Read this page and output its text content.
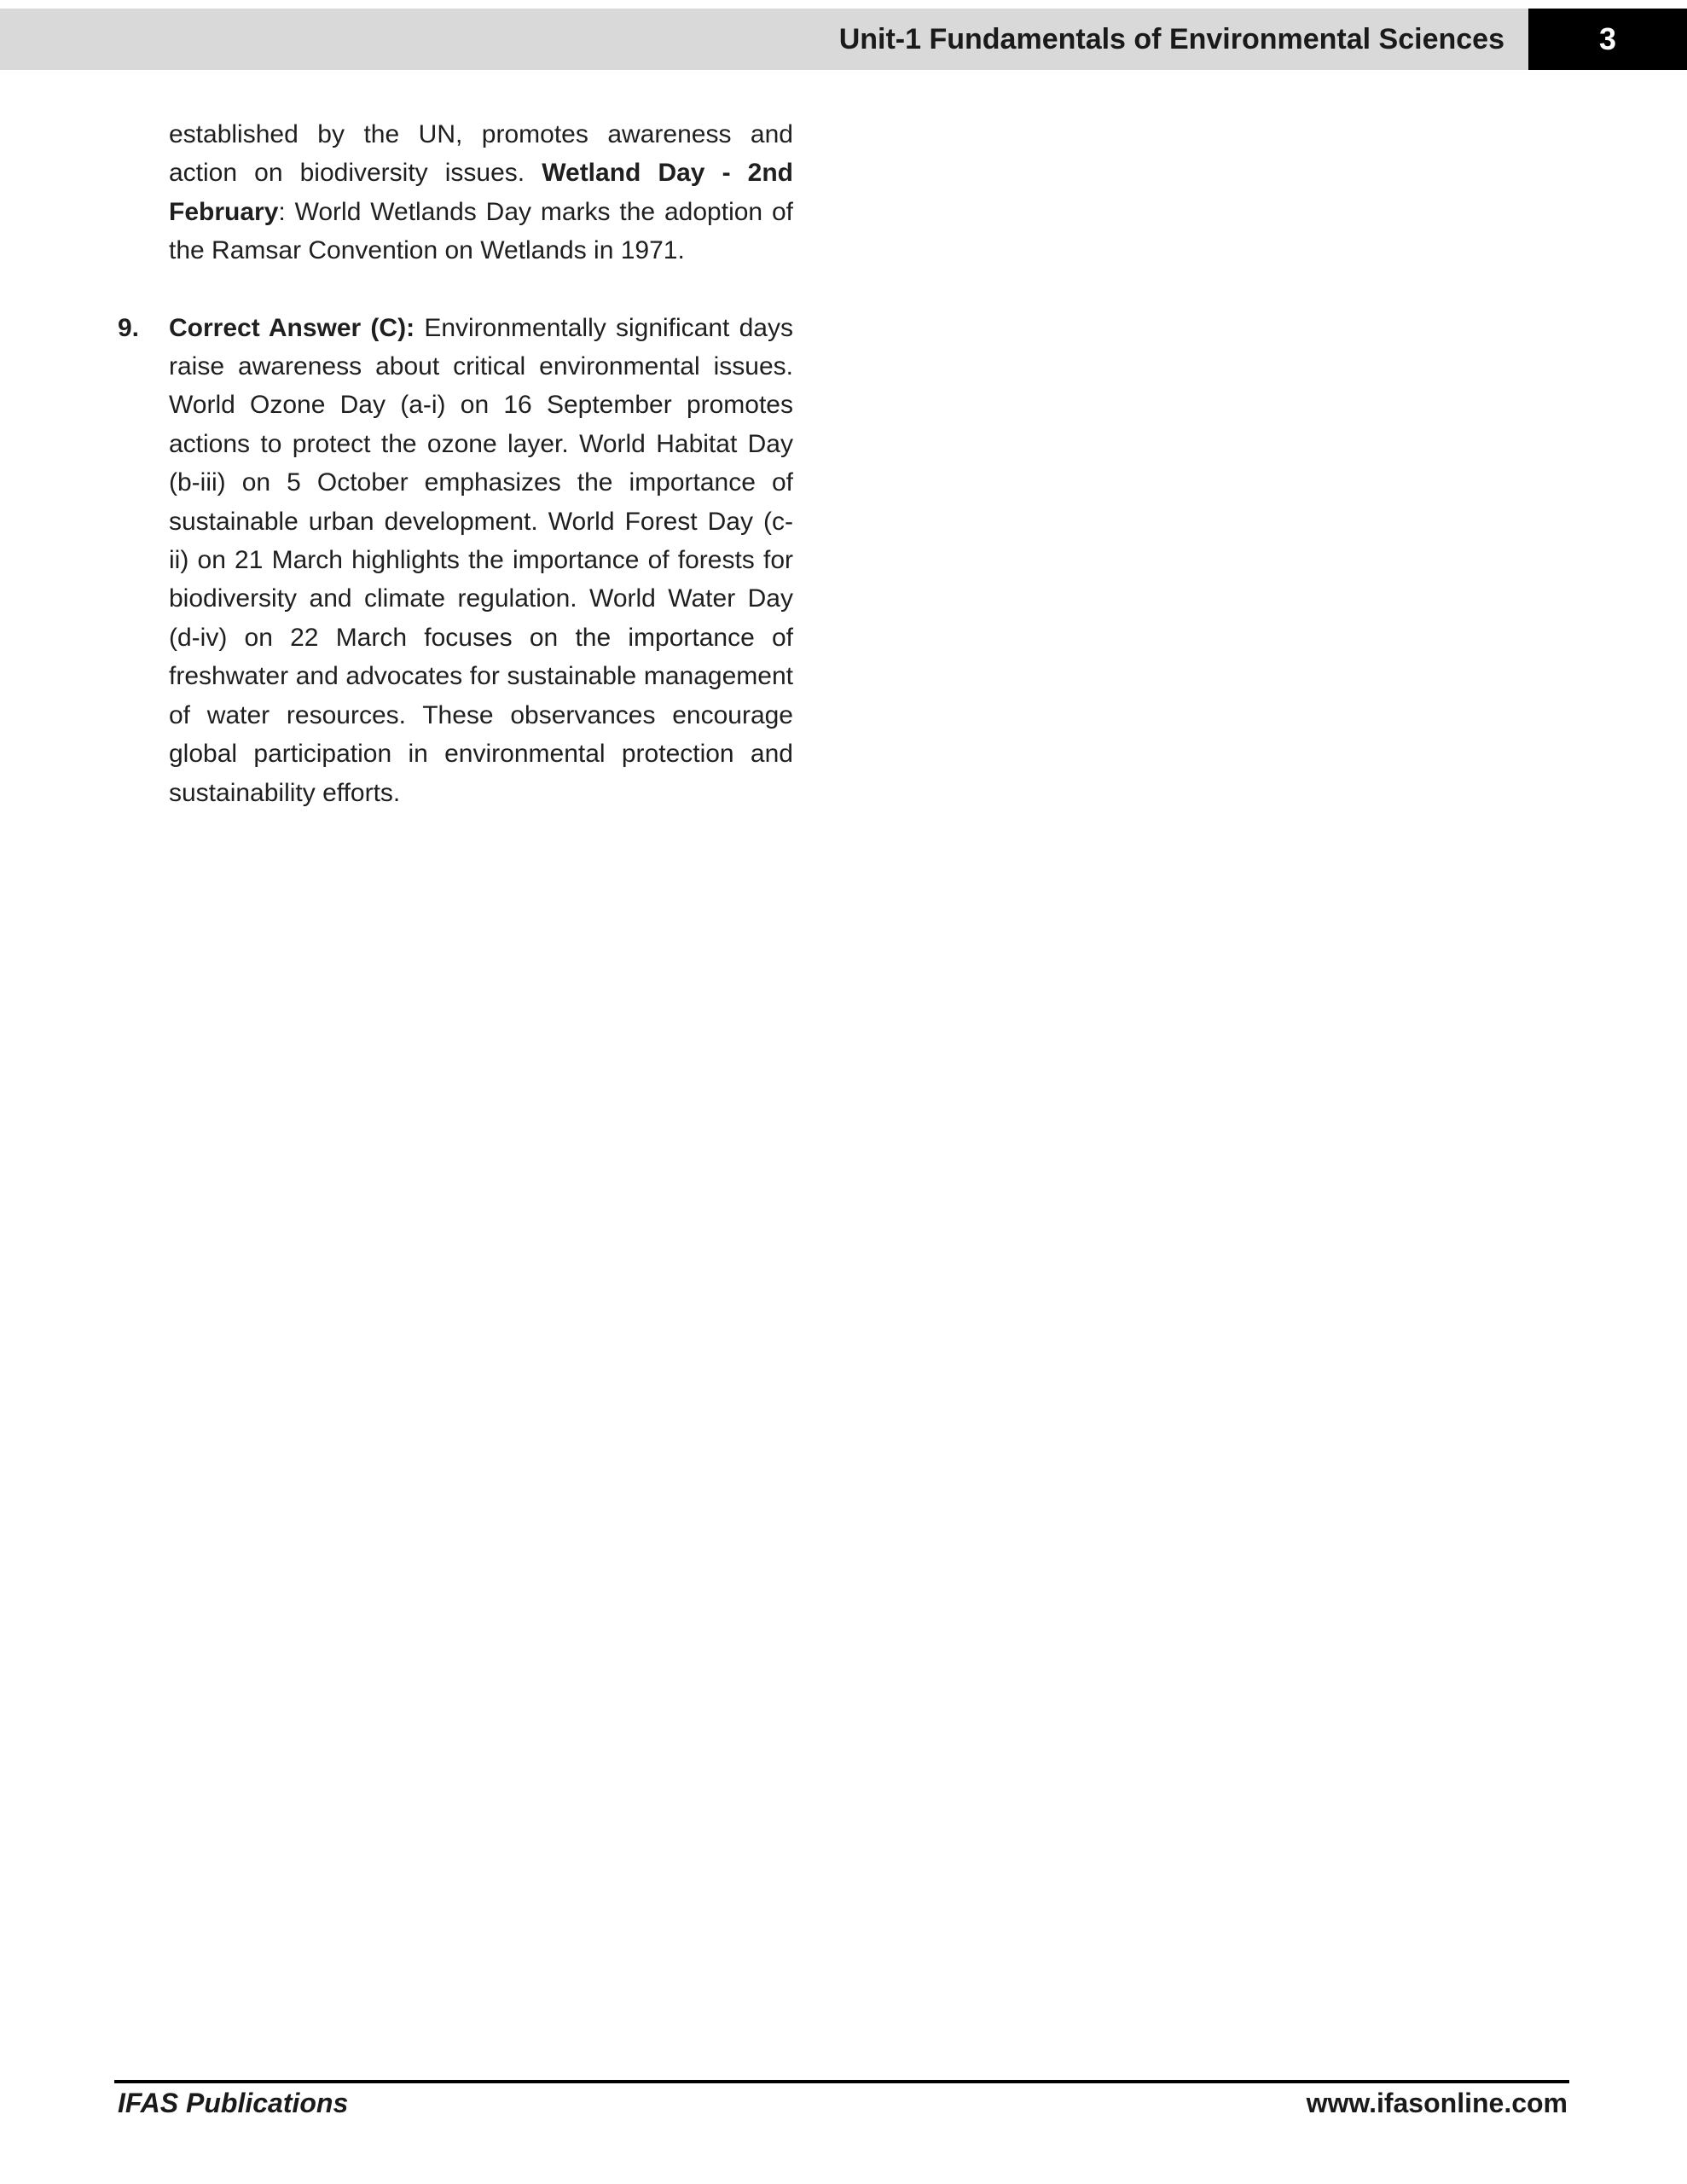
Unit-1 Fundamentals of Environmental Sciences	3

established by the UN, promotes awareness and action on biodiversity issues. Wetland Day - 2nd February: World Wetlands Day marks the adoption of the Ramsar Convention on Wetlands in 1971.

9. Correct Answer (C): Environmentally significant days raise awareness about critical environmental issues. World Ozone Day (a-i) on 16 September promotes actions to protect the ozone layer. World Habitat Day (b-iii) on 5 October emphasizes the importance of sustainable urban development. World Forest Day (c-ii) on 21 March highlights the importance of forests for biodiversity and climate regulation. World Water Day (d-iv) on 22 March focuses on the importance of freshwater and advocates for sustainable management of water resources. These observances encourage global participation in environmental protection and sustainability efforts.

IFAS Publications	www.ifasonline.com
